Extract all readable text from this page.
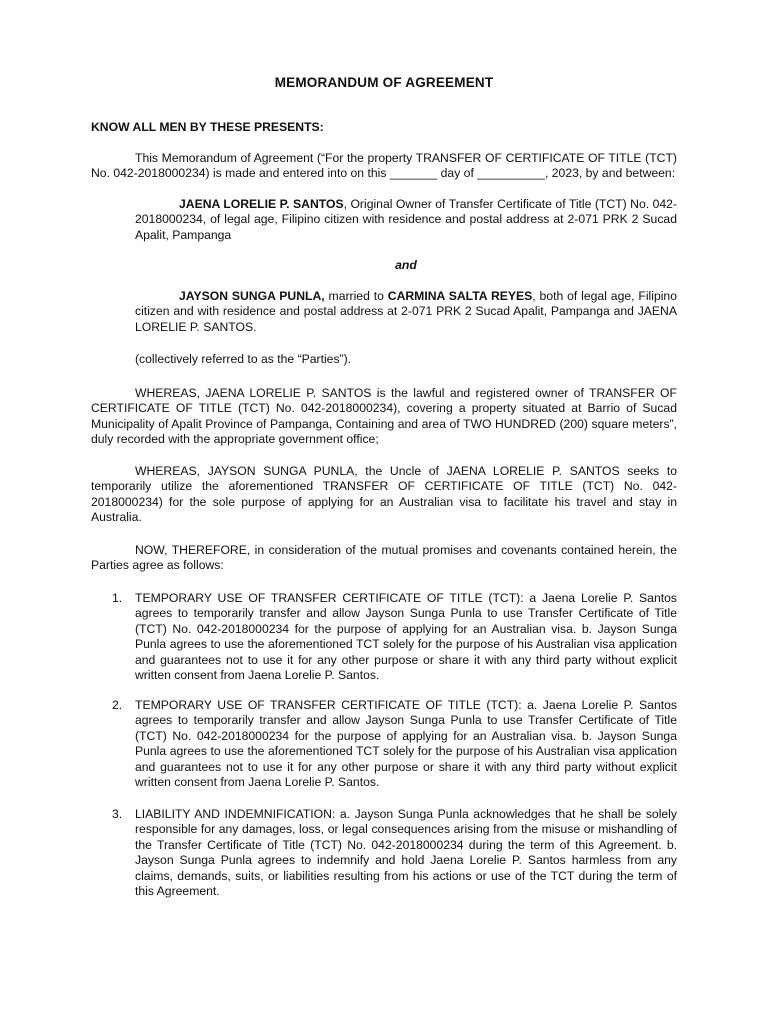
MEMORANDUM OF AGREEMENT
KNOW ALL MEN BY THESE PRESENTS:

This Memorandum of Agreement (“For the property TRANSFER OF CERTIFICATE OF TITLE (TCT) No. 042-2018000234) is made and entered into on this _______ day of __________, 2023, by and between:

JAENA LORELIE P. SANTOS, Original Owner of Transfer Certificate of Title (TCT) No. 042-2018000234, of legal age, Filipino citizen with residence and postal address at 2-071 PRK 2 Sucad Apalit, Pampanga

and

JAYSON SUNGA PUNLA, married to CARMINA SALTA REYES, both of legal age, Filipino citizen and with residence and postal address at 2-071 PRK 2 Sucad Apalit, Pampanga and JAENA LORELIE P. SANTOS.

(collectively referred to as the “Parties”).

WHEREAS, JAENA LORELIE P. SANTOS is the lawful and registered owner of TRANSFER OF CERTIFICATE OF TITLE (TCT) No. 042-2018000234), covering a property situated at Barrio of Sucad Municipality of Apalit Province of Pampanga, Containing and area of TWO HUNDRED (200) square meters”, duly recorded with the appropriate government office;

WHEREAS, JAYSON SUNGA PUNLA, the Uncle of JAENA LORELIE P. SANTOS seeks to temporarily utilize the aforementioned TRANSFER OF CERTIFICATE OF TITLE (TCT) No. 042-2018000234) for the sole purpose of applying for an Australian visa to facilitate his travel and stay in Australia.

NOW, THEREFORE, in consideration of the mutual promises and covenants contained herein, the Parties agree as follows:

1.	TEMPORARY USE OF TRANSFER CERTIFICATE OF TITLE (TCT): a Jaena Lorelie P. Santos agrees to temporarily transfer and allow Jayson Sunga Punla to use Transfer Certificate of Title (TCT) No. 042-2018000234 for the purpose of applying for an Australian visa. b. Jayson Sunga Punla agrees to use the aforementioned TCT solely for the purpose of his Australian visa application and guarantees not to use it for any other purpose or share it with any third party without explicit written consent from Jaena Lorelie P. Santos.
2.	TEMPORARY USE OF TRANSFER CERTIFICATE OF TITLE (TCT): a. Jaena Lorelie P. Santos agrees to temporarily transfer and allow Jayson Sunga Punla to use Transfer Certificate of Title (TCT) No. 042-2018000234 for the purpose of applying for an Australian visa. b. Jayson Sunga Punla agrees to use the aforementioned TCT solely for the purpose of his Australian visa application and guarantees not to use it for any other purpose or share it with any third party without explicit written consent from Jaena Lorelie P. Santos.
3.	LIABILITY AND INDEMNIFICATION: a. Jayson Sunga Punla acknowledges that he shall be solely responsible for any damages, loss, or legal consequences arising from the misuse or mishandling of the Transfer Certificate of Title (TCT) No. 042-2018000234 during the term of this Agreement. b. Jayson Sunga Punla agrees to indemnify and hold Jaena Lorelie P. Santos harmless from any claims, demands, suits, or liabilities resulting from his actions or use of the TCT during the term of this Agreement.
